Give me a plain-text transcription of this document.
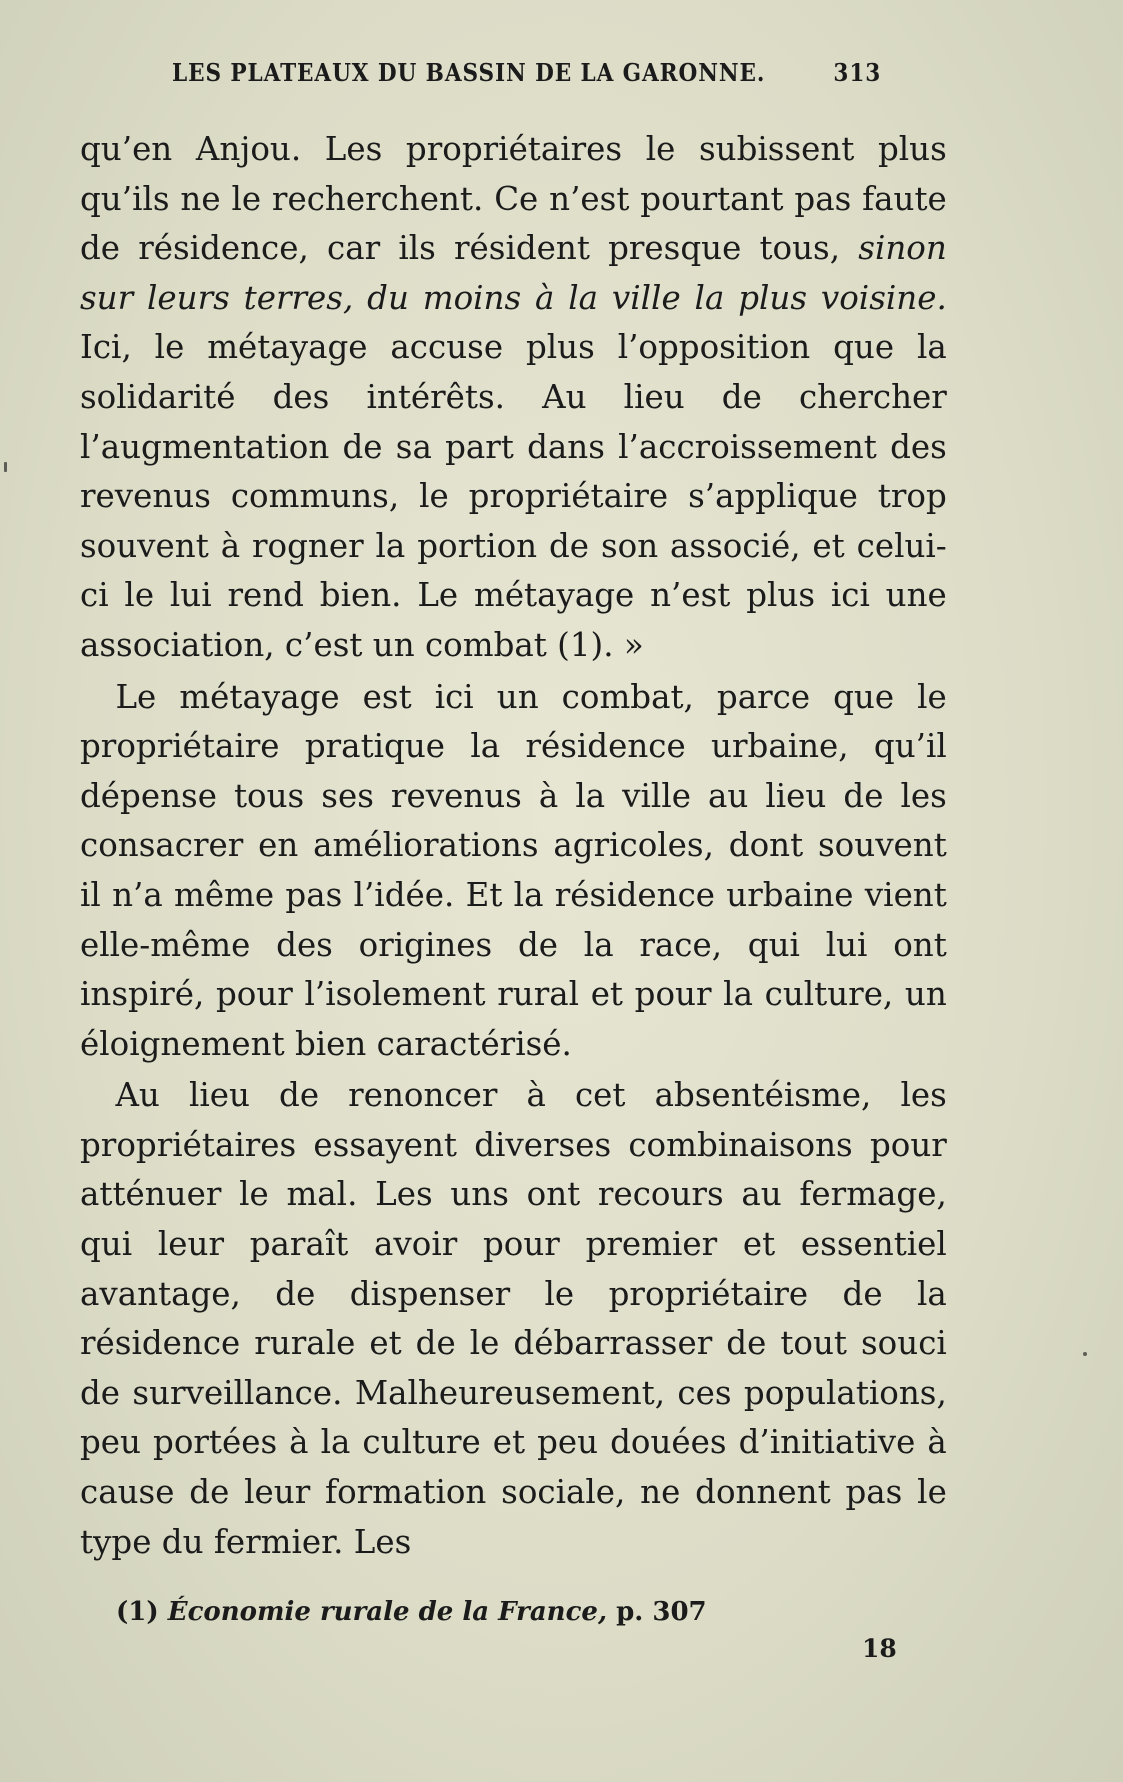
LES PLATEAUX DU BASSIN DE LA GARONNE.	313

qu’en Anjou. Les propriétaires le subissent plus qu’ils ne le recherchent. Ce n’est pourtant pas faute de résidence, car ils résident presque tous, sinon sur leurs terres, du moins à la ville la plus voisine. Ici, le métayage accuse plus l’opposition que la solidarité des intérêts. Au lieu de chercher l’augmentation de sa part dans l’accroissement des revenus communs, le propriétaire s’applique trop souvent à rogner la portion de son associé, et celui-ci le lui rend bien. Le métayage n’est plus ici une association, c’est un combat (1). »

Le métayage est ici un combat, parce que le propriétaire pratique la résidence urbaine, qu’il dépense tous ses revenus à la ville au lieu de les consacrer en améliorations agricoles, dont souvent il n’a même pas l’idée. Et la résidence urbaine vient elle-même des origines de la race, qui lui ont inspiré, pour l’isolement rural et pour la culture, un éloignement bien caractérisé.

Au lieu de renoncer à cet absentéisme, les propriétaires essayent diverses combinaisons pour atténuer le mal. Les uns ont recours au fermage, qui leur paraît avoir pour premier et essentiel avantage, de dispenser le propriétaire de la résidence rurale et de le débarrasser de tout souci de surveillance. Malheureusement, ces populations, peu portées à la culture et peu douées d’initiative à cause de leur formation sociale, ne donnent pas le type du fermier. Les

(1) Économie rurale de la France, p. 307
18
